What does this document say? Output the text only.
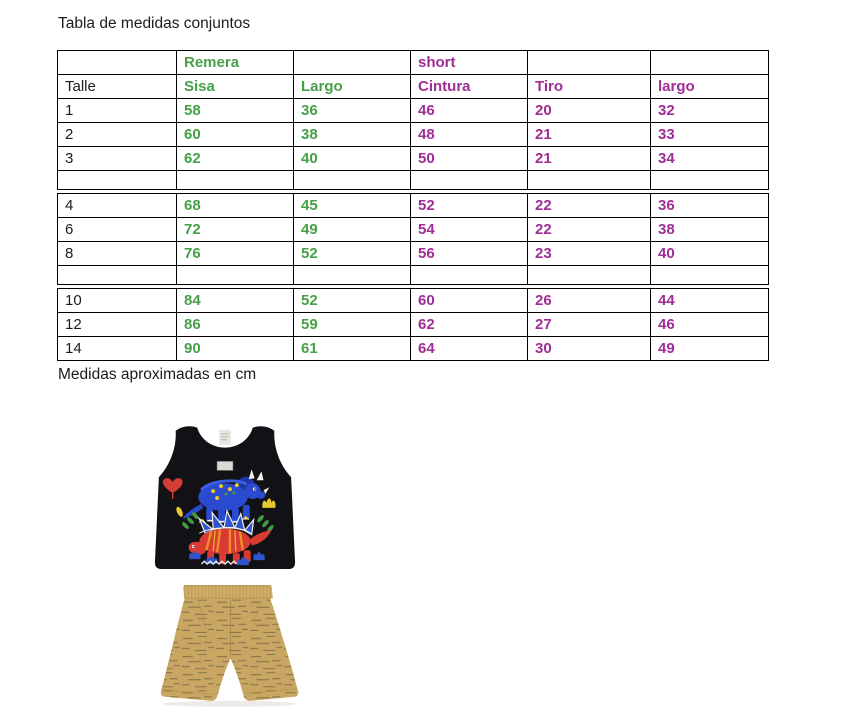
Tabla de medidas conjuntos
	Remera		short		
Talle	Sisa	Largo	Cintura	Tiro	largo
1	58	36	46	20	32
2	60	38	48	21	33
3	62	40	50	21	34

4	68	45	52	22	36
6	72	49	54	22	38
8	76	52	56	23	40

10	84	52	60	26	44
12	86	59	62	27	46
14	90	61	64	30	49
Medidas aproximadas en cm
